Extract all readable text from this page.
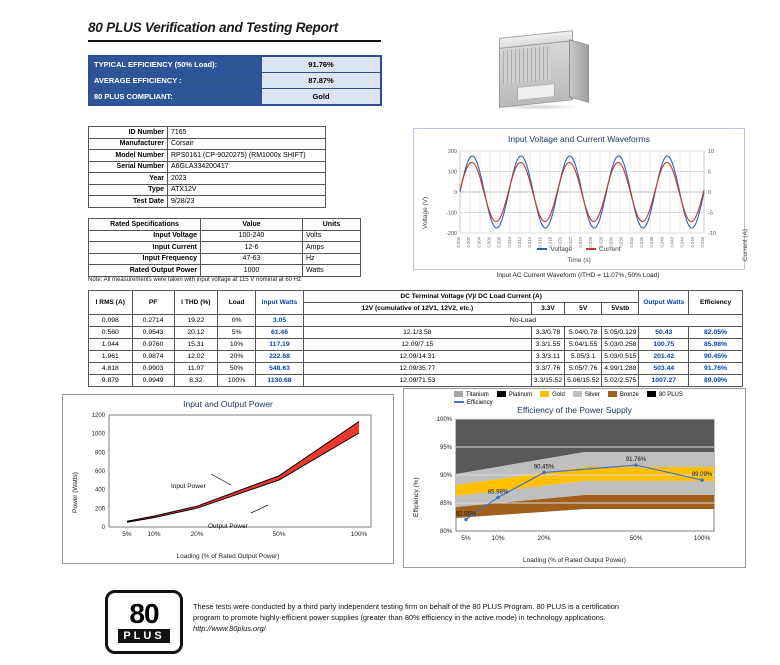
80 PLUS Verification and Testing Report
TYPICAL EFFICIENCY (50% Load):	91.76%
AVERAGE EFFICIENCY :	87.87%
80 PLUS COMPLIANT:	Gold
ID Number	7165
Manufacturer	Corsair
Model Number	RPS0161 (CP-9020275) (RM1000x SHIFT)
Serial Number	A6GLA334200417
Year	2023
Type	ATX12V
Test Date	9/28/23
Rated Specifications	Value	Units
Input Voltage	100-240	Volts
Input Current	12-6	Amps
Input Frequency	47-63	Hz
Rated Output Power	1000	Watts
Note: All measurements were taken with input voltage at 115 V nominal at 60 Hz.
Input Voltage and Current Waveforms
Voltage (V)
Current (A)
200
100
0
-100
-200
10
5
0
-5
-10
0.000 0.002 0.004 0.006 0.008 0.010 0.012 0.014 0.016 0.018 0.020 0.022 0.024 0.026 0.028 0.030 0.032 0.034 0.036 0.038 0.040 0.042 0.044 0.046 0.048
Voltage	Current
Time (s)
Input AC Current Waveform (ITHD = 11.07%, 50% Load)
I RMS (A)	PF	I THD (%)	Load	Input Watts	DC Terminal Voltage (V)/ DC Load Current (A)				Output Watts	Efficiency
					12V (cumulative of 12V1, 12V2, etc.)	3.3V	5V	5Vstb		
0.098	0.2714	19.22	0%	3.05	No-Load					
0.560	0.9543	20.12	5%	61.46	12.1/3.58	3.3/0.78	5.04/0.78	5.05/0.129	50.43	82.05%
1.044	0.9760	15.31	10%	117.19	12.09/7.15	3.3/1.55	5.04/1.55	5.03/0.258	100.75	85.98%
1.961	0.9874	12.02	20%	222.68	12.09/14.31	3.3/3.11	5.05/3.1	5.03/0.515	201.42	90.45%
4.818	0.9903	11.07	50%	548.63	12.09/35.77	3.3/7.76	5.05/7.76	4.99/1.288	503.44	91.76%
9.879	0.9949	8.32	100%	1130.68	12.09/71.53	3.3/15.52	5.06/15.52	5.02/2.575	1007.27	89.09%
Input and Output Power
Power (Watts)
0
200
400
600
800
1000
1200
5% 10%	20%	50%	100%
Input Power
Output Power
Loading (% of Rated Output Power)
Efficiency of the Power Supply
Efficiency (%)
Titanium	Platinum	Gold	Silver	Bronze	80 PLUSEfficiency
80%
85%
90%
95%
100%
5%	10%	20%	50%	100%
82.05%
85.98%
90.45%
91.76%
89.09%
Loading (% of Rated Output Power)
80
PLUS
These tests were conducted by a third party independent testing firm on behalf of the 80 PLUS Program. 80 PLUS is a certification program to promote highly-efficient power supplies (greater than 80% efficiency in the active mode) in technology applications. http://www.80plus.org/
